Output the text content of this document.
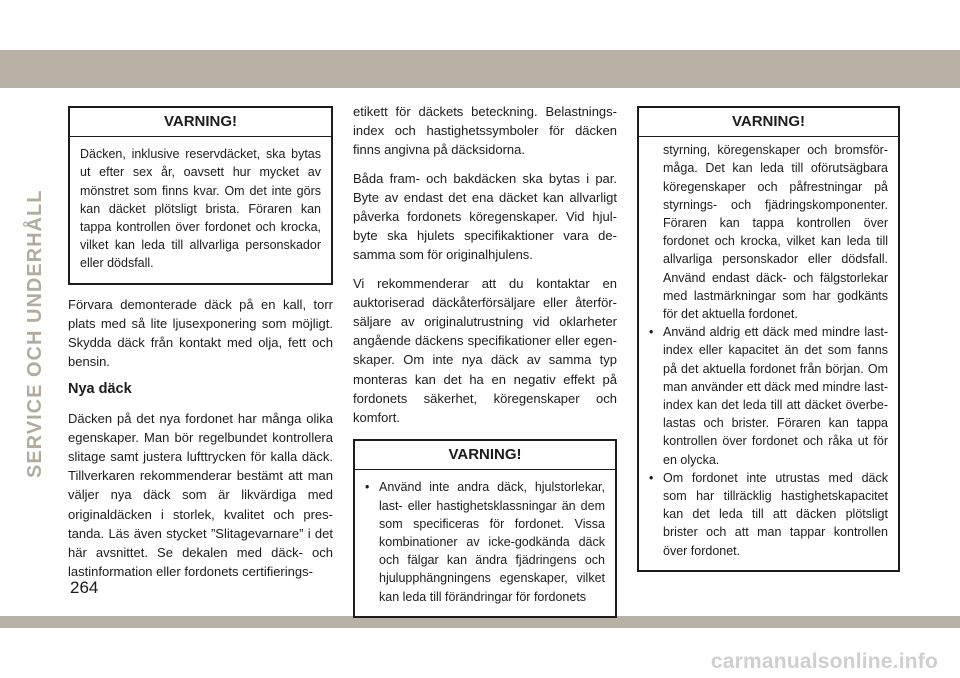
SERVICE OCH UNDERHÅLL
VARNING!
Däcken, inklusive reservdäcket, ska bytas ut efter sex år, oavsett hur mycket av mönstret som finns kvar. Om det inte görs kan däcket plötsligt brista. Föraren kan tappa kontrollen över fordonet och krocka, vilket kan leda till allvarliga personskador eller dödsfall.

Förvara demonterade däck på en kall, torr plats med så lite ljusexponering som möjligt. Skydda däck från kontakt med olja, fett och bensin.

Nya däck

Däcken på det nya fordonet har många olika egenskaper. Man bör regelbundet kontrollera slitage samt justera lufttrycken för kalla däck. Tillverkaren rekommenderar bestämt att man väljer nya däck som är likvärdiga med originaldäcken i storlek, kvalitet och prestanda. Läs även stycket ”Slitagevarnare” i det här avsnittet. Se dekalen med däck- och lastinformation eller fordonets certifierings-

etikett för däckets beteckning. Belastningsindex och hastighetssymboler för däcken finns angivna på däcksidorna.

Båda fram- och bakdäcken ska bytas i par. Byte av endast det ena däcket kan allvarligt påverka fordonets köregenskaper. Vid hjulbyte ska hjulets specifikaktioner vara desamma som för originalhjulens.

Vi rekommenderar att du kontaktar en auktoriserad däckåterförsäljare eller återförsäljare av originalutrustning vid oklarheter angående däckens specifikationer eller egenskaper. Om inte nya däck av samma typ monteras kan det ha en negativ effekt på fordonets säkerhet, köregenskaper och komfort.

VARNING!
• Använd inte andra däck, hjulstorlekar, last- eller hastighetsklassningar än dem som specificeras för fordonet. Vissa kombinationer av icke-godkända däck och fälgar kan ändra fjädringens och hjulupphängningens egenskaper, vilket kan leda till förändringar för fordonets
VARNING!
styrning, köregenskaper och bromsförmåga. Det kan leda till oförutsägbara köregenskaper och påfrestningar på styrnings- och fjädringskomponenter. Föraren kan tappa kontrollen över fordonet och krocka, vilket kan leda till allvarliga personskador eller dödsfall. Använd endast däck- och fälgstorlekar med lastmärkningar som har godkänts för det aktuella fordonet.
• Använd aldrig ett däck med mindre lastindex eller kapacitet än det som fanns på det aktuella fordonet från början. Om man använder ett däck med mindre lastindex kan det leda till att däcket överbelastas och brister. Föraren kan tappa kontrollen över fordonet och råka ut för en olycka.
• Om fordonet inte utrustas med däck som har tillräcklig hastighetskapacitet kan det leda till att däcken plötsligt brister och att man tappar kontrollen över fordonet.
264
carmanualsonline.info
